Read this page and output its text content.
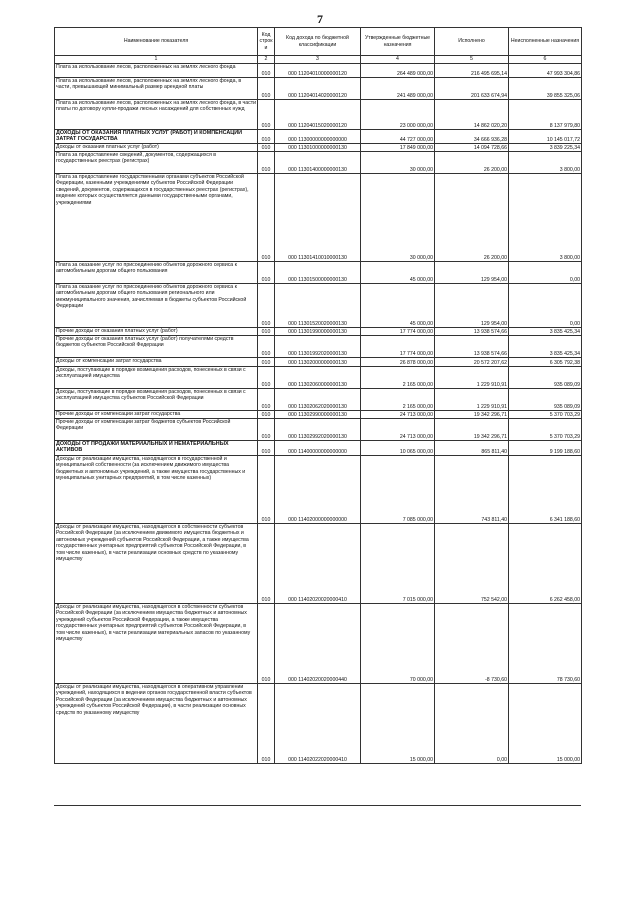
7
Наименование показателя	Код строк и	Код дохода по бюджетной классификации	Утвержденные бюджетные назначения	Исполнено	Неисполненные назначения
1	2	3	4	5	6
Плата за использование лесов, расположенных на землях лесного фонда	010	000 11204010000000120	264 489 000,00	216 495 695,14	47 993 304,86
Плата за использование лесов, расположенных на землях лесного фонда, в части, превышающей минимальный размер арендной платы	010	000 11204014020000120	241 489 000,00	201 633 674,94	39 855 325,06
Плата за использование лесов, расположенных на землях лесного фонда, в части платы по договору купли-продажи лесных насаждений для собственных нужд	010	000 11204015020000120	23 000 000,00	14 862 020,20	8 137 979,80
ДОХОДЫ ОТ ОКАЗАНИЯ ПЛАТНЫХ УСЛУГ (РАБОТ) И КОМПЕНСАЦИИ ЗАТРАТ ГОСУДАРСТВА	010	000 11300000000000000	44 727 000,00	34 666 936,28	10 145 017,72
Доходы от оказания платных услуг (работ)	010	000 11301000000000130	17 849 000,00	14 094 728,66	3 839 225,34
Плата за предоставление сведений, документов, содержащихся в государственных реестрах (регистрах)	010	000 11301400000000130	30 000,00	26 200,00	3 800,00
Плата за предоставление государственными органами субъектов Российской Федерации, казенными учреждениями субъектов Российской Федерации сведений, документов, содержащихся в государственных реестрах (регистрах), ведение которых осуществляется данными государственными органами, учреждениями	010	000 11301410010000130	30 000,00	26 200,00	3 800,00
Плата за оказание услуг по присоединению объектов дорожного сервиса к автомобильным дорогам общего пользования	010	000 11301500000000130	45 000,00	129 954,00	0,00
Плата за оказание услуг по присоединению объектов дорожного сервиса к автомобильным дорогам общего пользования регионального или межмуниципального значения, зачисляемая в бюджеты субъектов Российской Федерации	010	000 11301520020000130	45 000,00	129 954,00	0,00
Прочие доходы от оказания платных услуг (работ)	010	000 11301990000000130	17 774 000,00	13 938 574,66	3 835 425,34
Прочие доходы от оказания платных услуг (работ) получателями средств бюджетов субъектов Российской Федерации	010	000 11301992020000130	17 774 000,00	13 938 574,66	3 835 425,34
Доходы от компенсации затрат государства	010	000 11302000000000130	26 878 000,00	20 572 207,62	6 305 792,38
Доходы, поступающие в порядке возмещения расходов, понесенных в связи с эксплуатацией имущества	010	000 11302060000000130	2 165 000,00	1 229 910,91	935 089,09
Доходы, поступающие в порядке возмещения расходов, понесенных в связи с эксплуатацией имущества субъектов Российской Федерации	010	000 11302062020000130	2 165 000,00	1 229 910,91	935 089,09
Прочие доходы от компенсации затрат государства	010	000 11302990000000130	24 713 000,00	19 342 296,71	5 370 703,29
Прочие доходы от компенсации затрат бюджетов субъектов Российской Федерации	010	000 11302992020000130	24 713 000,00	19 342 296,71	5 370 703,29
ДОХОДЫ ОТ ПРОДАЖИ МАТЕРИАЛЬНЫХ И НЕМАТЕРИАЛЬНЫХ АКТИВОВ	010	000 11400000000000000	10 065 000,00	865 811,40	9 199 188,60
Доходы от реализации имущества, находящегося в государственной и муниципальной собственности (за исключением движимого имущества бюджетных и автономных учреждений, а также имущества государственных и муниципальных унитарных предприятий, в том числе казенных)	010	000 11402000000000000	7 085 000,00	743 811,40	6 341 188,60
Доходы от реализации имущества, находящегося в собственности субъектов Российской Федерации (за исключением движимого имущества бюджетных и автономных учреждений субъектов Российской Федерации, а также имущества государственных унитарных предприятий субъектов Российской Федерации, в том числе казенных), в части реализации основных средств по указанному имуществу	010	000 11402020020000410	7 015 000,00	752 542,00	6 262 458,00
Доходы от реализации имущества, находящегося в собственности субъектов Российской Федерации (за исключением имущества бюджетных и автономных учреждений субъектов Российской Федерации, а также имущества государственных унитарных предприятий субъектов Российской Федерации, в том числе казенных), в части реализации материальных запасов по указанному имуществу	010	000 11402020020000440	70 000,00	-8 730,60	78 730,60
Доходы от реализации имущества, находящегося в оперативном управлении учреждений, находящихся в ведении органов государственной власти субъектов Российской Федерации (за исключением имущества бюджетных и автономных учреждений субъектов Российской Федерации), в части реализации основных средств по указанному имуществу	010	000 11402022020000410	15 000,00	0,00	15 000,00
